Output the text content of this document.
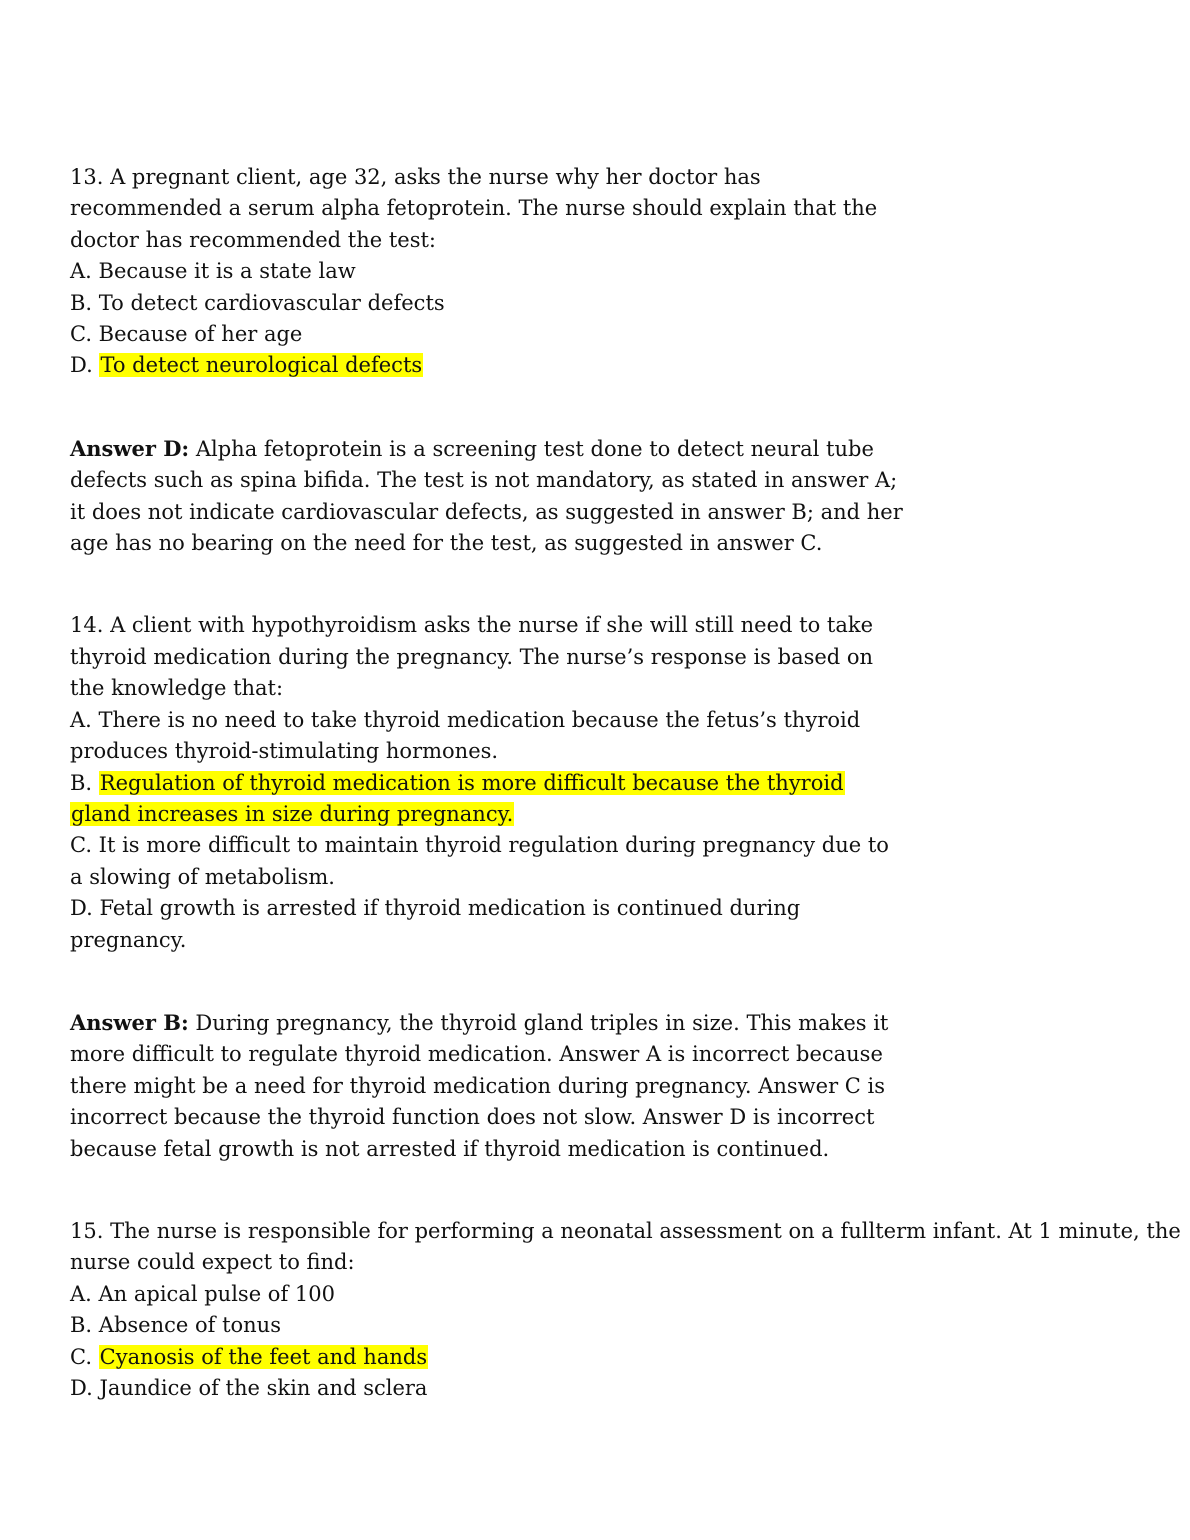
13. A pregnant client, age 32, asks the nurse why her doctor has
recommended a serum alpha fetoprotein. The nurse should explain that the
doctor has recommended the test:
A. Because it is a state law
B. To detect cardiovascular defects
C. Because of her age
D. To detect neurological defects
Answer D: Alpha fetoprotein is a screening test done to detect neural tube
defects such as spina bifida. The test is not mandatory, as stated in answer A;
it does not indicate cardiovascular defects, as suggested in answer B; and her
age has no bearing on the need for the test, as suggested in answer C.
14. A client with hypothyroidism asks the nurse if she will still need to take
thyroid medication during the pregnancy. The nurse’s response is based on
the knowledge that:
A. There is no need to take thyroid medication because the fetus’s thyroid
produces thyroid-stimulating hormones.
B. Regulation of thyroid medication is more difficult because the thyroid
gland increases in size during pregnancy.
C. It is more difficult to maintain thyroid regulation during pregnancy due to
a slowing of metabolism.
D. Fetal growth is arrested if thyroid medication is continued during
pregnancy.
Answer B: During pregnancy, the thyroid gland triples in size. This makes it
more difficult to regulate thyroid medication. Answer A is incorrect because
there might be a need for thyroid medication during pregnancy. Answer C is
incorrect because the thyroid function does not slow. Answer D is incorrect
because fetal growth is not arrested if thyroid medication is continued.
15. The nurse is responsible for performing a neonatal assessment on a fullterm infant. At 1 minute, the
nurse could expect to find:
A. An apical pulse of 100
B. Absence of tonus
C. Cyanosis of the feet and hands
D. Jaundice of the skin and sclera
